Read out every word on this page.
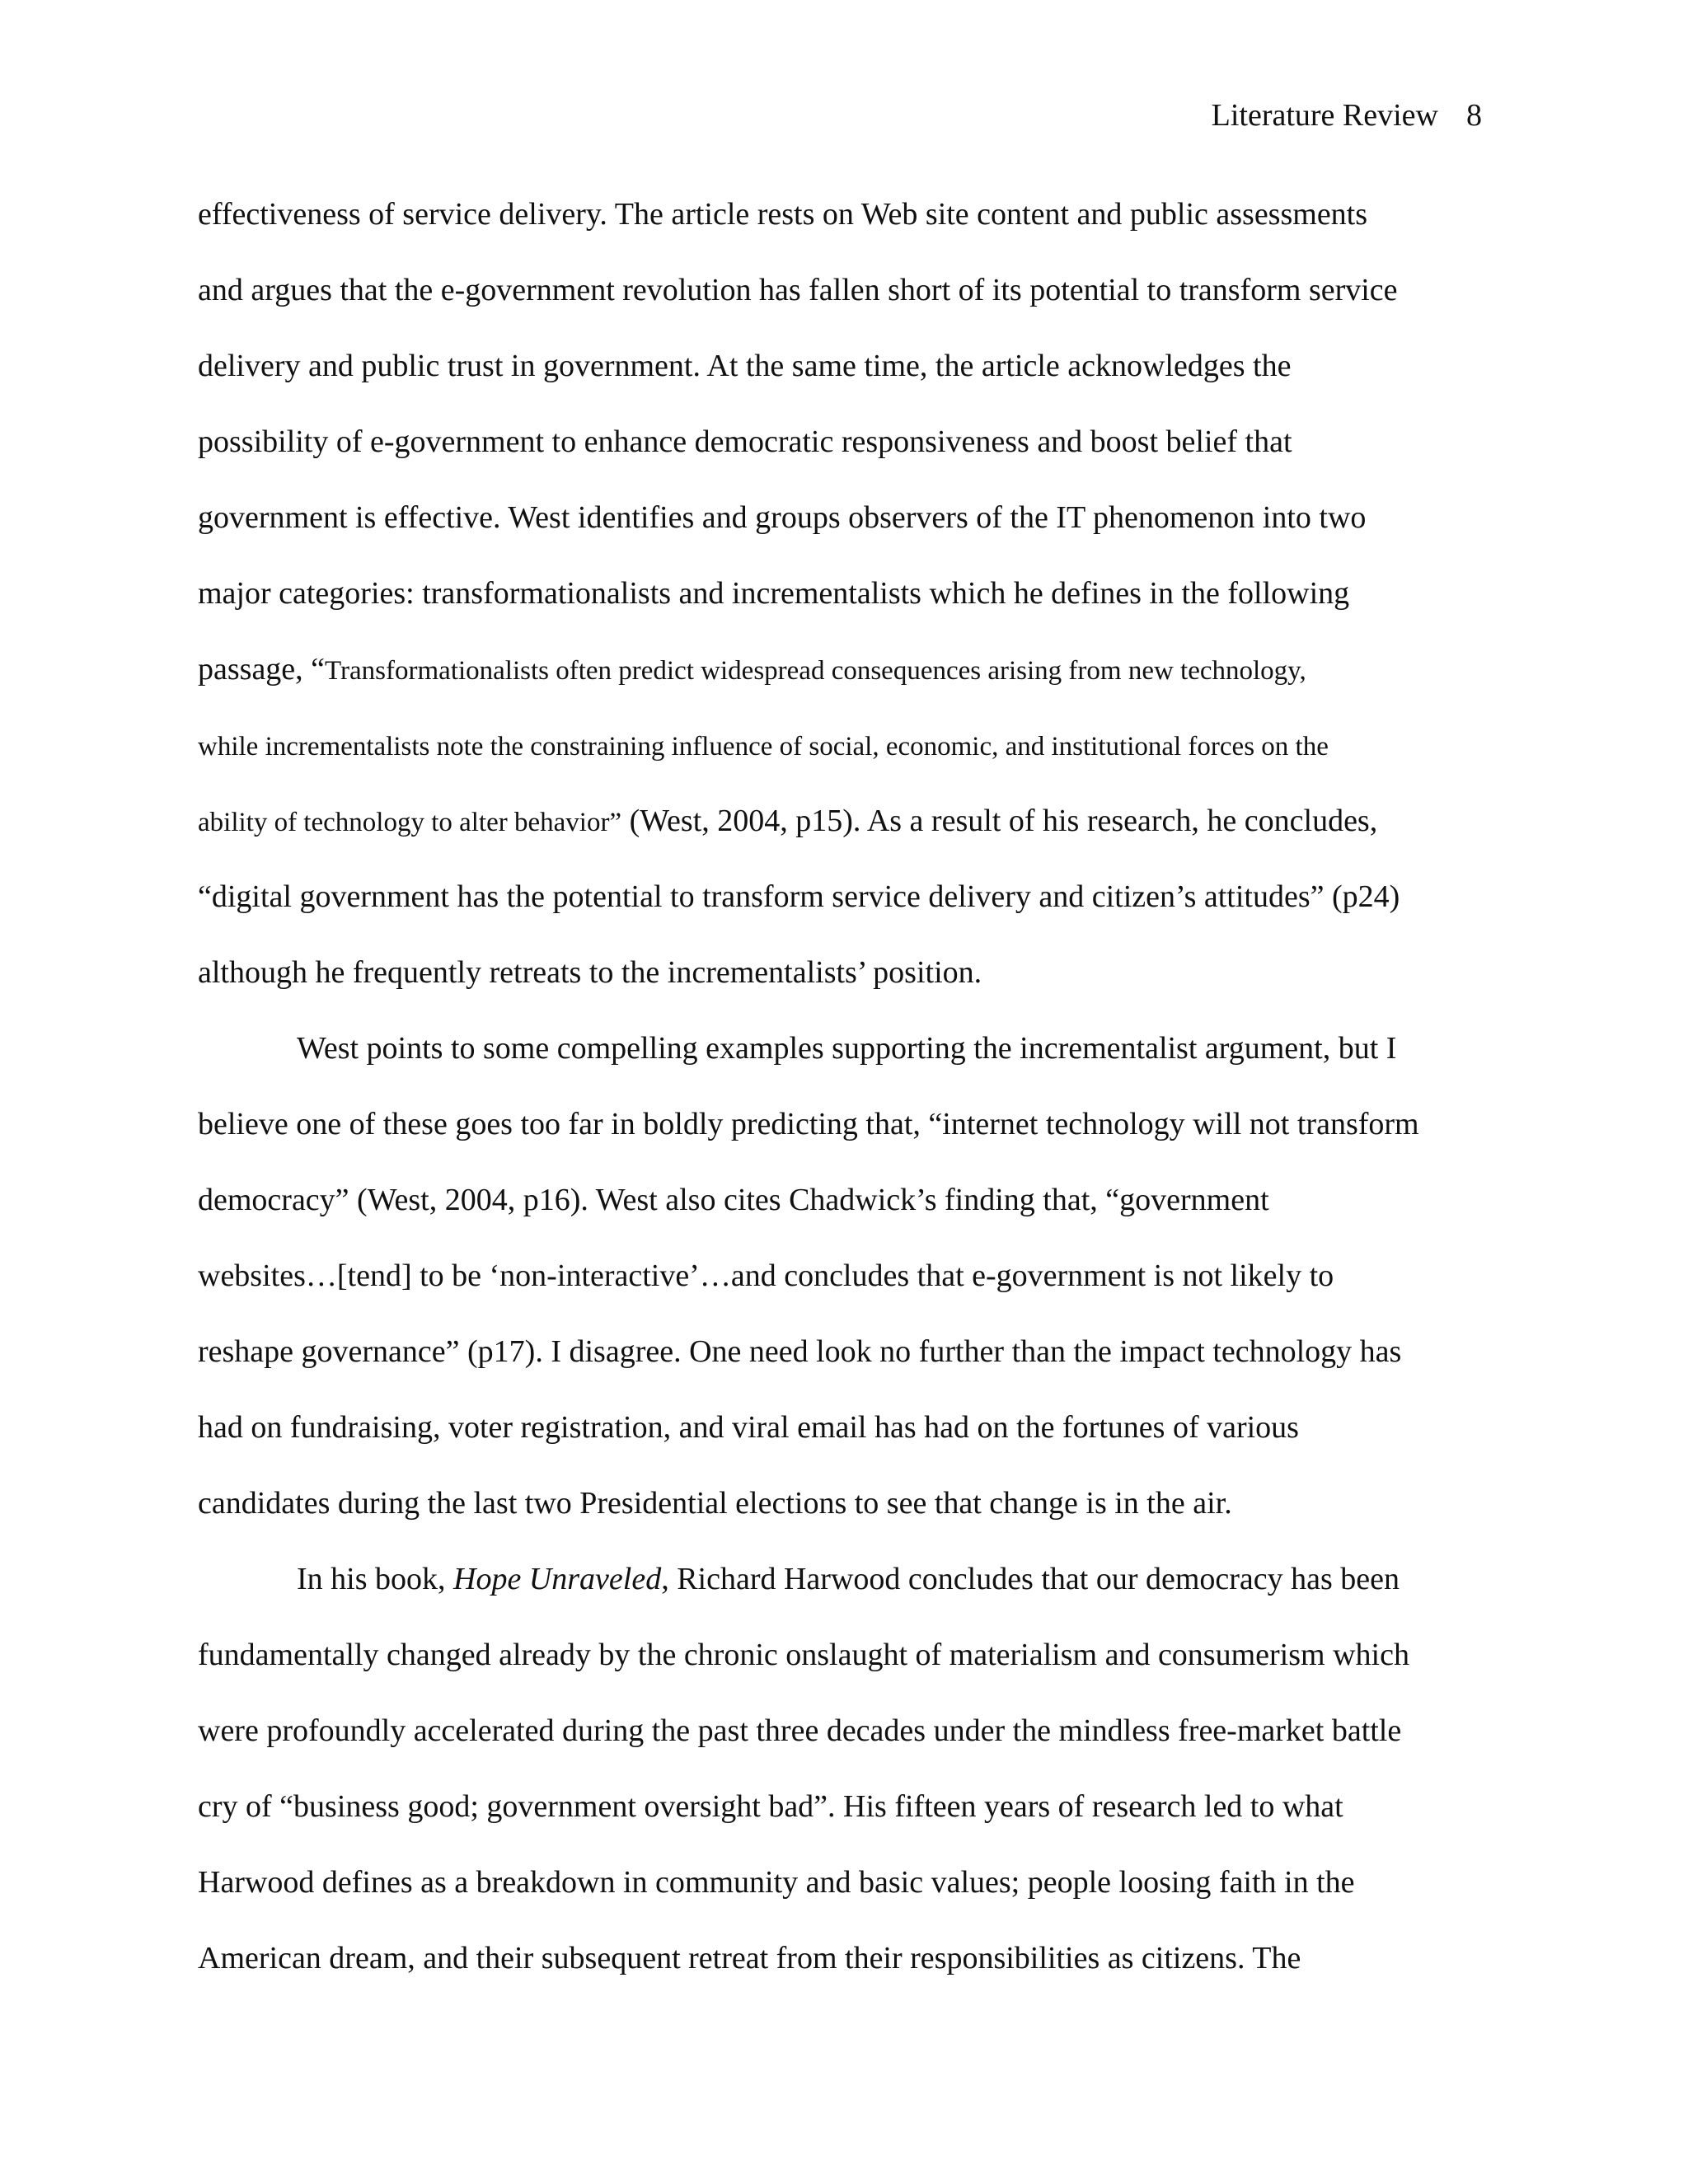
Literature Review 8
effectiveness of service delivery. The article rests on Web site content and public assessments
and argues that the e-government revolution has fallen short of its potential to transform service
delivery and public trust in government. At the same time, the article acknowledges the
possibility of e-government to enhance democratic responsiveness and boost belief that
government is effective. West identifies and groups observers of the IT phenomenon into two
major categories: transformationalists and incrementalists which he defines in the following
passage, “Transformationalists often predict widespread consequences arising from new technology,
while incrementalists note the constraining influence of social, economic, and institutional forces on the
ability of technology to alter behavior” (West, 2004, p15). As a result of his research, he concludes,
“digital government has the potential to transform service delivery and citizen’s attitudes” (p24)
although he frequently retreats to the incrementalists’ position.
West points to some compelling examples supporting the incrementalist argument, but I
believe one of these goes too far in boldly predicting that, “internet technology will not transform
democracy” (West, 2004, p16). West also cites Chadwick’s finding that, “government
websites…[tend] to be ‘non-interactive’…and concludes that e-government is not likely to
reshape governance” (p17). I disagree. One need look no further than the impact technology has
had on fundraising, voter registration, and viral email has had on the fortunes of various
candidates during the last two Presidential elections to see that change is in the air.
In his book, Hope Unraveled, Richard Harwood concludes that our democracy has been
fundamentally changed already by the chronic onslaught of materialism and consumerism which
were profoundly accelerated during the past three decades under the mindless free-market battle
cry of “business good; government oversight bad”. His fifteen years of research led to what
Harwood defines as a breakdown in community and basic values; people loosing faith in the
American dream, and their subsequent retreat from their responsibilities as citizens. The
